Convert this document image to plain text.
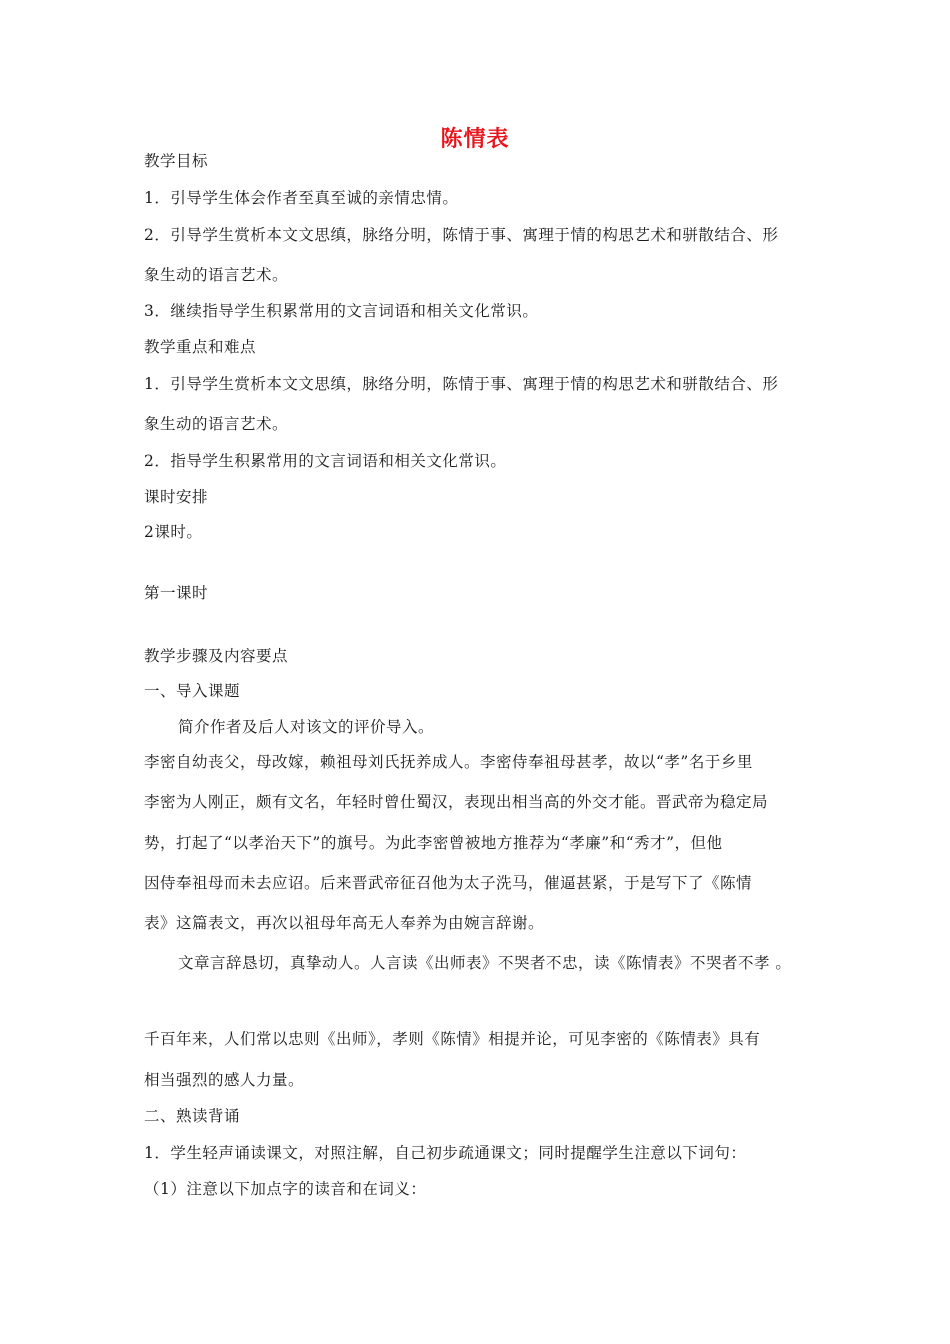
陈情表
教学目标
1．引导学生体会作者至真至诚的亲情忠情。
2．引导学生赏析本文文思缜，脉络分明，陈情于事、寓理于情的构思艺术和骈散结合、形
象生动的语言艺术。
3．继续指导学生积累常用的文言词语和相关文化常识。
教学重点和难点
1．引导学生赏析本文文思缜，脉络分明，陈情于事、寓理于情的构思艺术和骈散结合、形
象生动的语言艺术。
2．指导学生积累常用的文言词语和相关文化常识。
课时安排
2课时。
第一课时
教学步骤及内容要点
一、导入课题
简介作者及后人对该文的评价导入。
李密自幼丧父，母改嫁，赖祖母刘氏抚养成人。李密侍奉祖母甚孝，故以“孝”名于乡里
李密为人刚正，颇有文名，年轻时曾仕蜀汉，表现出相当高的外交才能。晋武帝为稳定局
势，打起了“以孝治天下”的旗号。为此李密曾被地方推荐为“孝廉”和“秀才”，但他
因侍奉祖母而未去应诏。后来晋武帝征召他为太子洗马，催逼甚紧，于是写下了《陈情
表》这篇表文，再次以祖母年高无人奉养为由婉言辞谢。
文章言辞恳切，真挚动人。人言读《出师表》不哭者不忠，读《陈情表》不哭者不孝 。
千百年来，人们常以忠则《出师》，孝则《陈情》相提并论，可见李密的《陈情表》具有
相当强烈的感人力量。
二、熟读背诵
1．学生轻声诵读课文，对照注解，自己初步疏通课文；同时提醒学生注意以下词句：
（1）注意以下加点字的读音和在词义：
